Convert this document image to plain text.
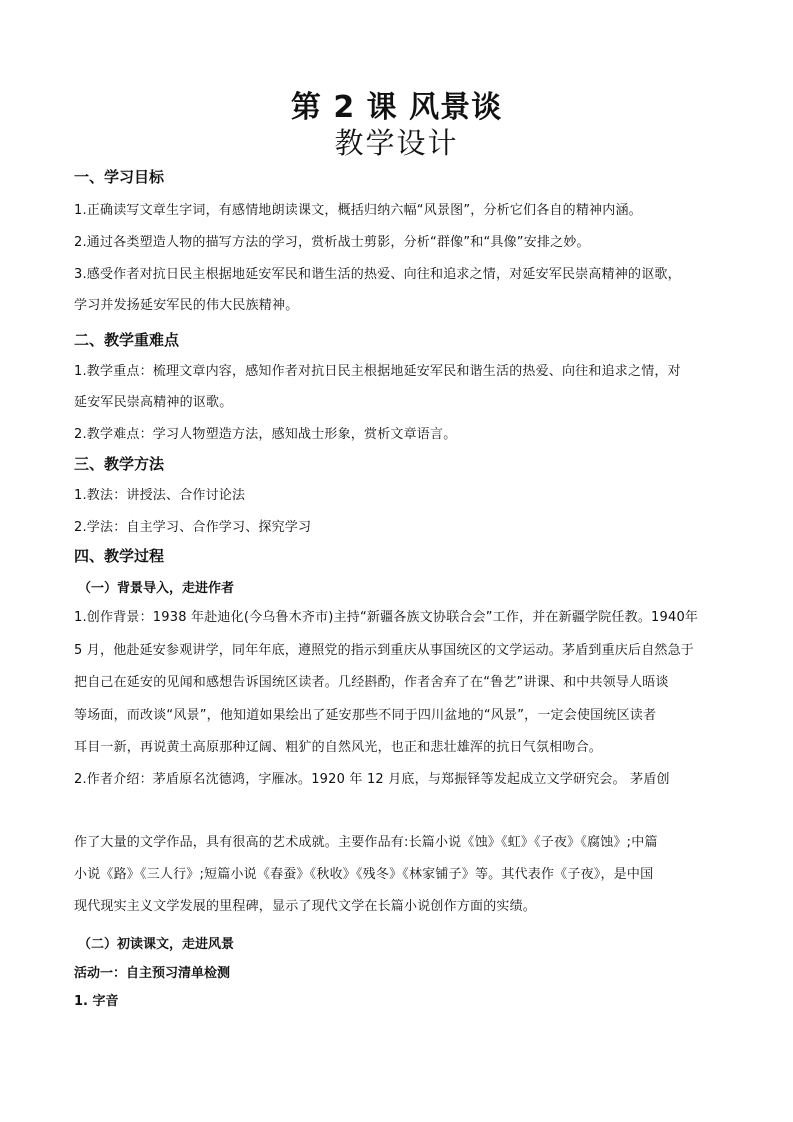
第 2 课 风景谈
教学设计
一、学习目标
1.正确读写文章生字词，有感情地朗读课文，概括归纳六幅“风景图”，分析它们各自的精神内涵。
2.通过各类塑造人物的描写方法的学习，赏析战士剪影，分析“群像”和“具像”安排之妙。
3.感受作者对抗日民主根据地延安军民和谐生活的热爱、向往和追求之情，对延安军民崇高精神的讴歌，
学习并发扬延安军民的伟大民族精神。
二、教学重难点
1.教学重点：梳理文章内容，感知作者对抗日民主根据地延安军民和谐生活的热爱、向往和追求之情，对
延安军民崇高精神的讴歌。
2.教学难点：学习人物塑造方法，感知战士形象，赏析文章语言。
三、教学方法
1.教法：讲授法、合作讨论法
2.学法：自主学习、合作学习、探究学习
四、教学过程
（一）背景导入，走进作者
1.创作背景：1938 年赴迪化(今乌鲁木齐市)主持“新疆各族文协联合会”工作，并在新疆学院任教。1940年
5 月，他赴延安参观讲学，同年年底，遵照党的指示到重庆从事国统区的文学运动。茅盾到重庆后自然急于
把自己在延安的见闻和感想告诉国统区读者。几经斟酌，作者舍弃了在“鲁艺”讲课、和中共领导人晤谈
等场面，而改谈“风景”，他知道如果绘出了延安那些不同于四川盆地的“风景”，一定会使国统区读者
耳目一新，再说黄土高原那种辽阔、粗犷的自然风光，也正和悲壮雄浑的抗日气氛相吻合。
2.作者介绍：茅盾原名沈德鸿，字雁冰。1920 年 12 月底，与郑振铎等发起成立文学研究会。 茅盾创
作了大量的文学作品，具有很高的艺术成就。主要作品有:长篇小说《蚀》《虹》《子夜》《腐蚀》;中篇
小说《路》《三人行》;短篇小说《春蚕》《秋收》《残冬》《林家铺子》等。其代表作《子夜》，是中国
现代现实主义文学发展的里程碑，显示了现代文学在长篇小说创作方面的实绩。
（二）初读课文，走进风景
活动一：自主预习清单检测
1. 字音
